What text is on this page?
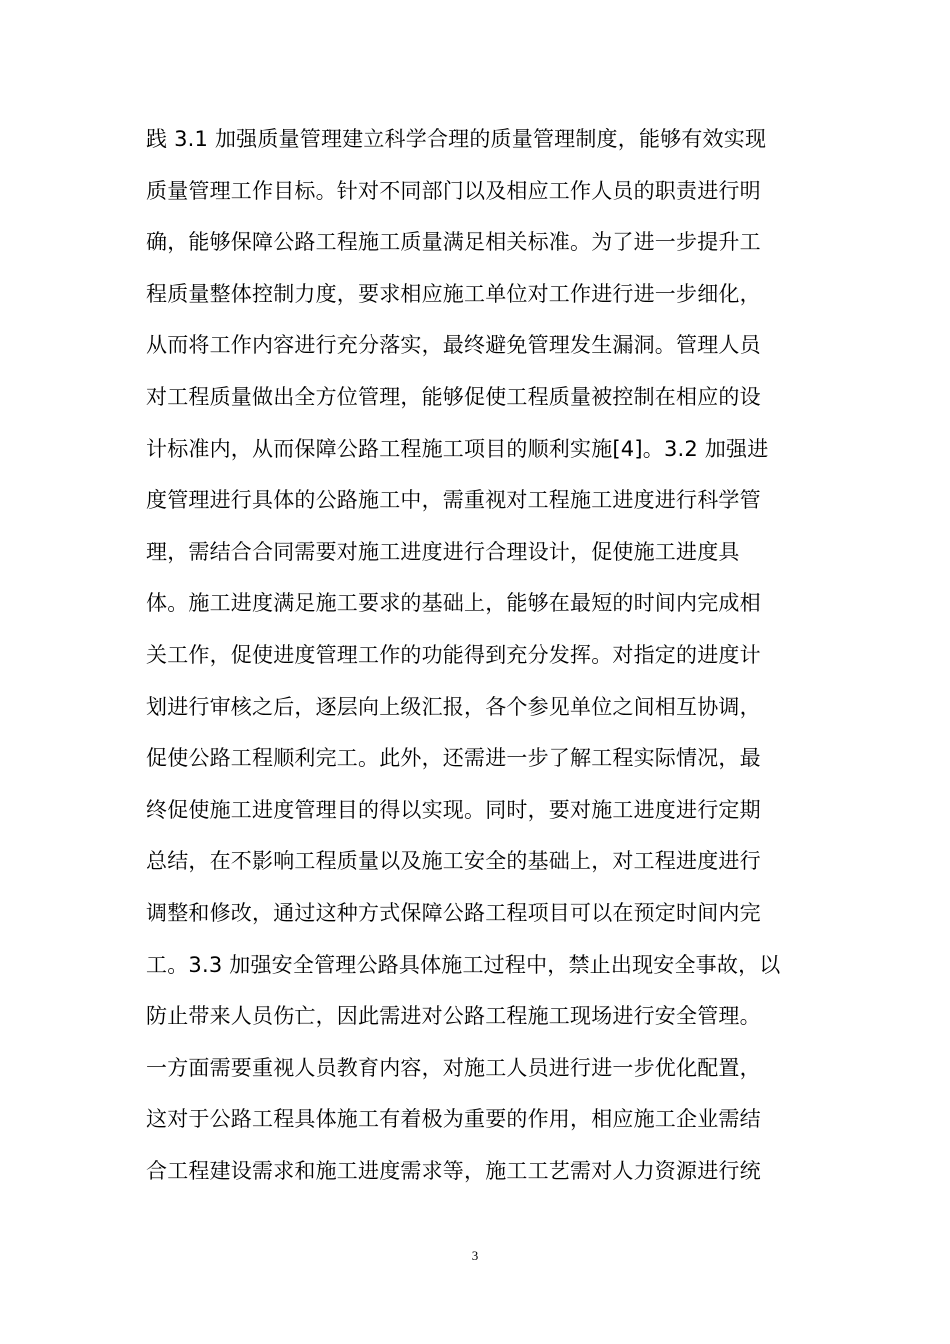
践 3.1 加强质量管理建立科学合理的质量管理制度，能够有效实现
质量管理工作目标。针对不同部门以及相应工作人员的职责进行明
确，能够保障公路工程施工质量满足相关标准。为了进一步提升工
程质量整体控制力度，要求相应施工单位对工作进行进一步细化，
从而将工作内容进行充分落实，最终避免管理发生漏洞。管理人员
对工程质量做出全方位管理，能够促使工程质量被控制在相应的设
计标准内，从而保障公路工程施工项目的顺利实施[4]。3.2 加强进
度管理进行具体的公路施工中，需重视对工程施工进度进行科学管
理，需结合合同需要对施工进度进行合理设计，促使施工进度具
体。施工进度满足施工要求的基础上，能够在最短的时间内完成相
关工作，促使进度管理工作的功能得到充分发挥。对指定的进度计
划进行审核之后，逐层向上级汇报，各个参见单位之间相互协调，
促使公路工程顺利完工。此外，还需进一步了解工程实际情况，最
终促使施工进度管理目的得以实现。同时，要对施工进度进行定期
总结，在不影响工程质量以及施工安全的基础上，对工程进度进行
调整和修改，通过这种方式保障公路工程项目可以在预定时间内完
工。3.3 加强安全管理公路具体施工过程中，禁止出现安全事故，以
防止带来人员伤亡，因此需进对公路工程施工现场进行安全管理。
一方面需要重视人员教育内容，对施工人员进行进一步优化配置，
这对于公路工程具体施工有着极为重要的作用，相应施工企业需结
合工程建设需求和施工进度需求等，施工工艺需对人力资源进行统
3
